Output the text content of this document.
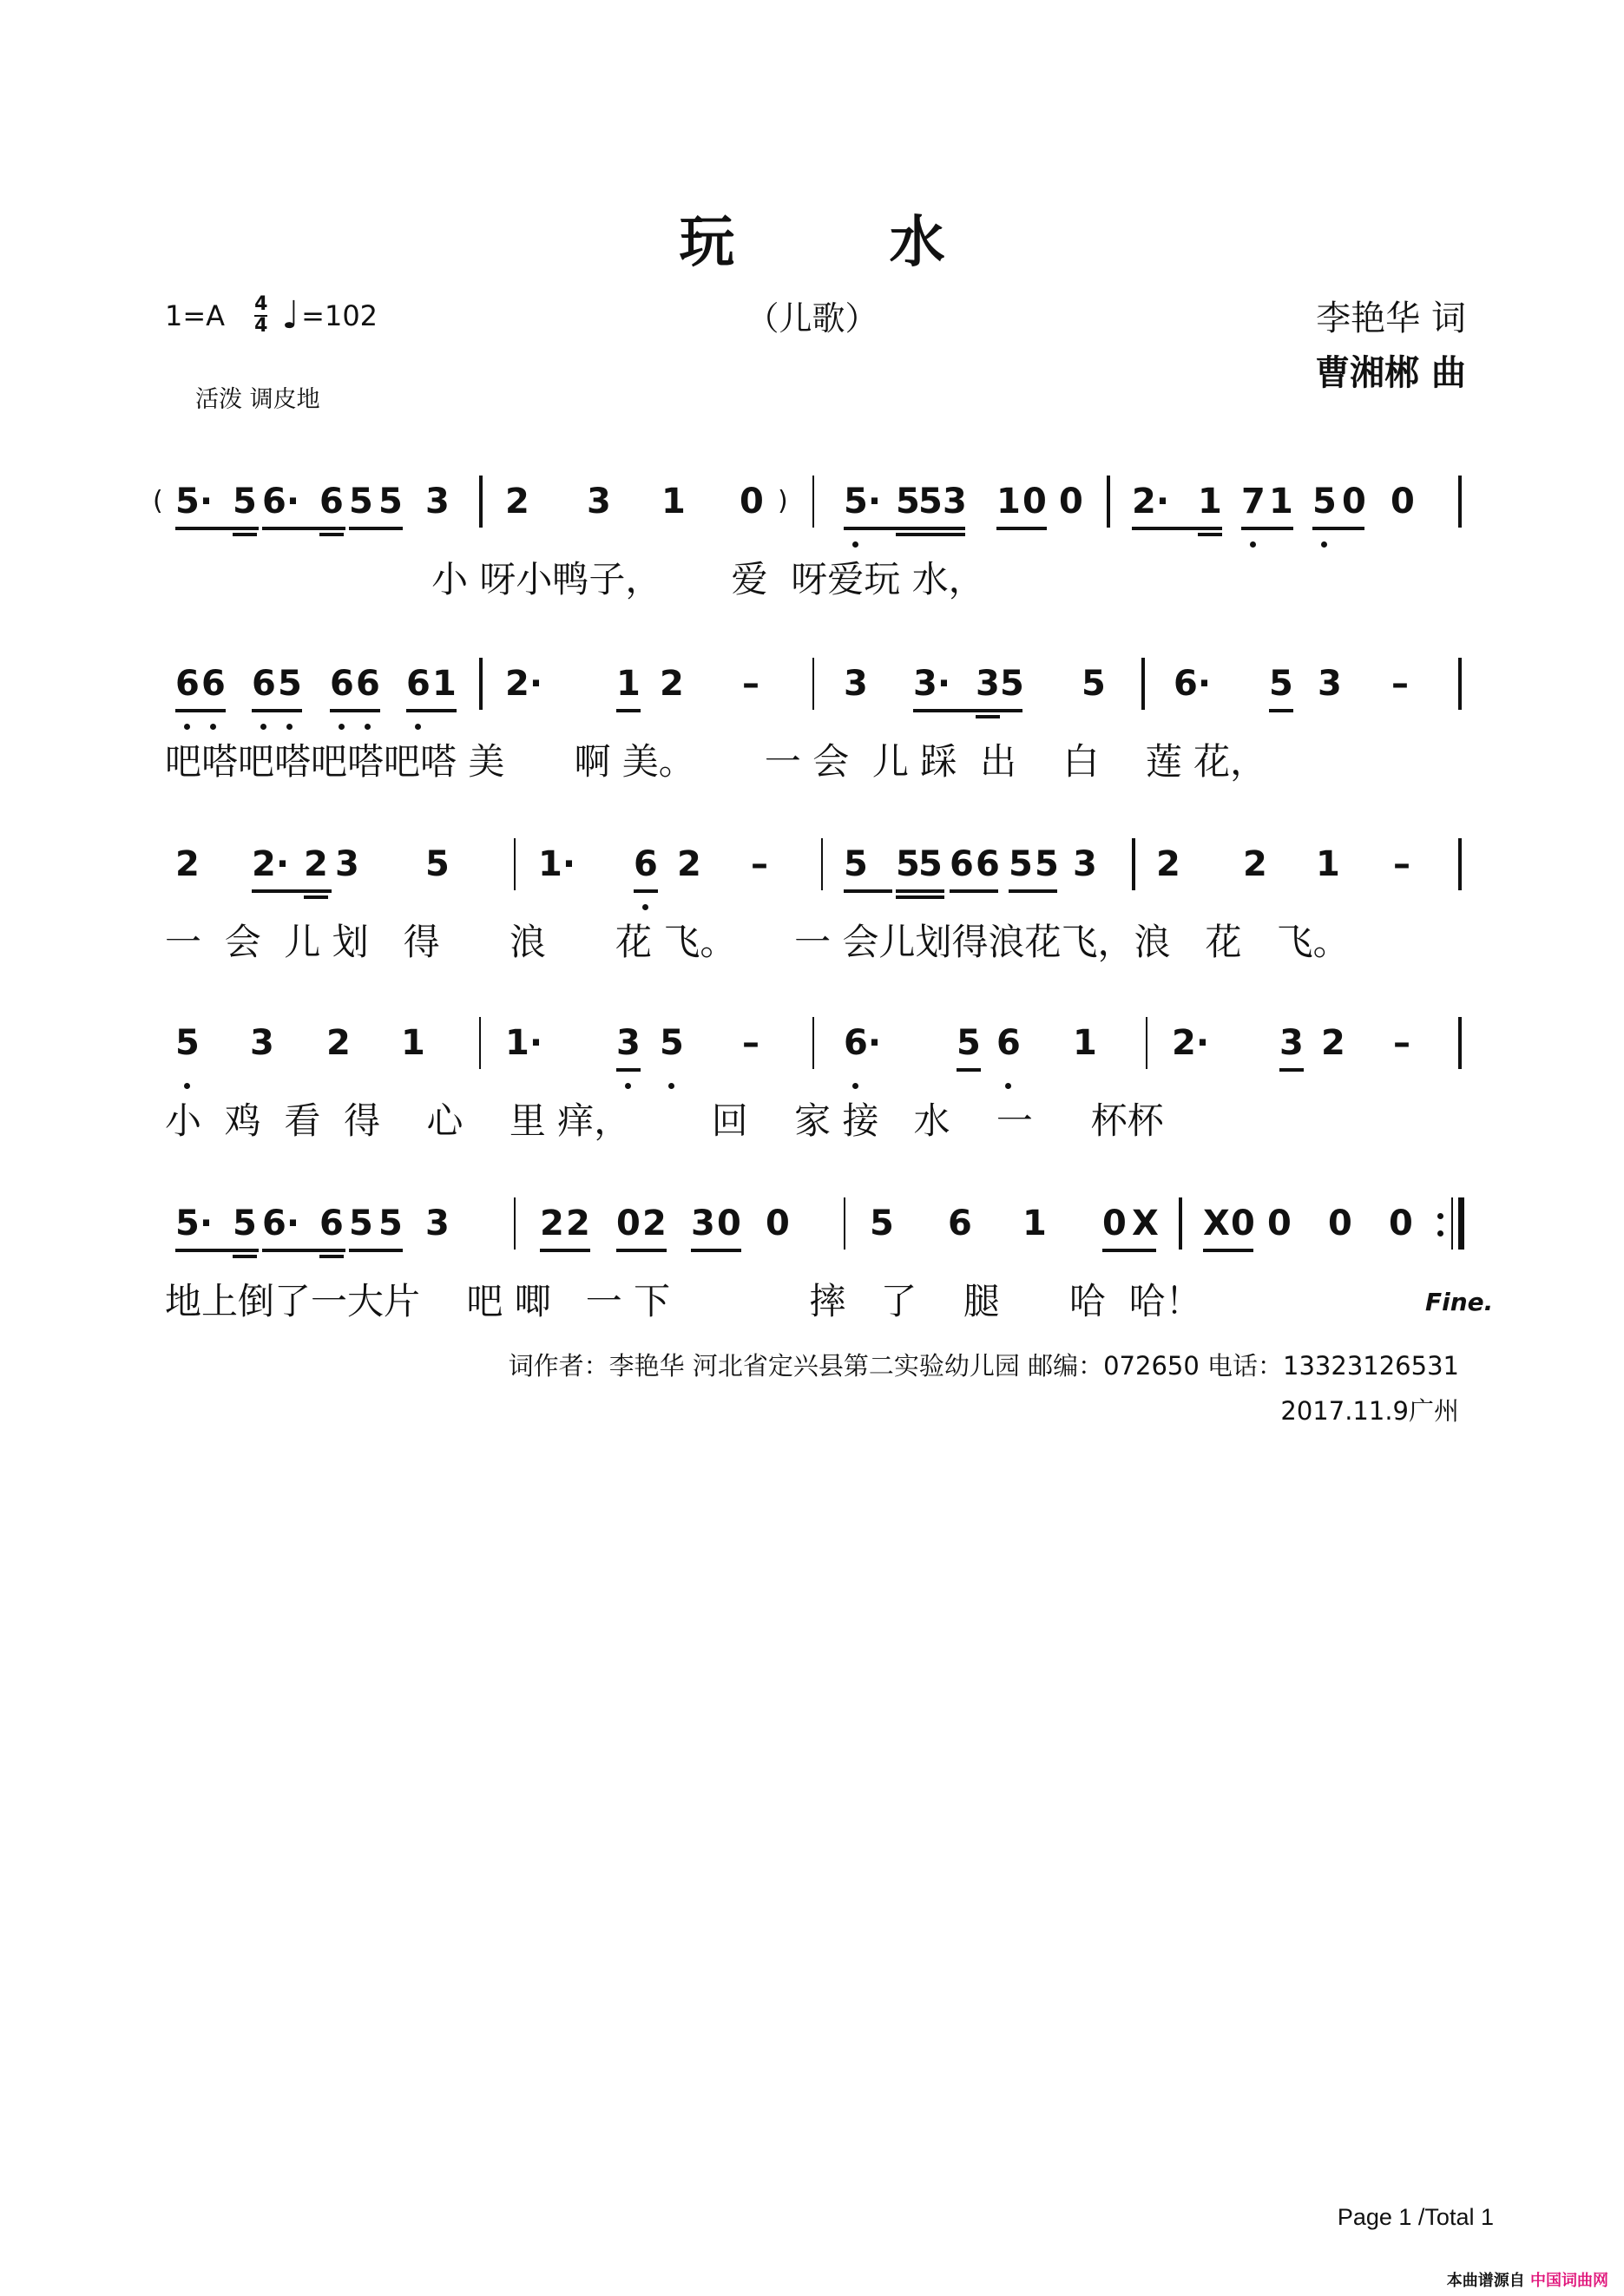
玩 水
（儿歌）
$1=A \frac{4}{4}$ ♩ =102
活泼 调皮地
李艳华 词
曹湘郴 曲
( 5· 5 6· 6 5 5 3 2 3 1 0 ) 5· 5
5 3 1 0 0 2· 1 7 1 5 0 0
小 呀小鸭子，      爱  呀爱玩 水，
6 6 6 5 6 6 6 1 2· 1 2 – 3 3· 3 5 5 6· 5 3 –
吧嗒吧嗒吧嗒吧嗒 美      啊 美。      一 会  儿 踩  出    白    莲 花，
2 2· 2 3 5	1· 6 2 – 5 5
5 6 6 5 5 3 2 2 1 –
一  会  儿 划   得      浪      花 飞。     一 会儿划得浪花飞，浪   花   飞。
5 3 2 1 1· 3 5 – 6· 5 6 1 2· 3 2 –
小  鸡  看  得    心    里 痒，       回    家 接   水    一     杯杯
5· 5 6· 6 5 5 3	2 2 0 2 3 0 0 5 6 1 0 X X 0 0 0 0
地上倒了一大片    吧 唧   一 下            摔   了    腿      哈  哈！	Fine.
词作者：李艳华 河北省定兴县第二实验幼儿园 邮编：072650 电话：13323126531
2017.11.9广州
Page 1 /Total 1
本曲谱源自 中国词曲网
